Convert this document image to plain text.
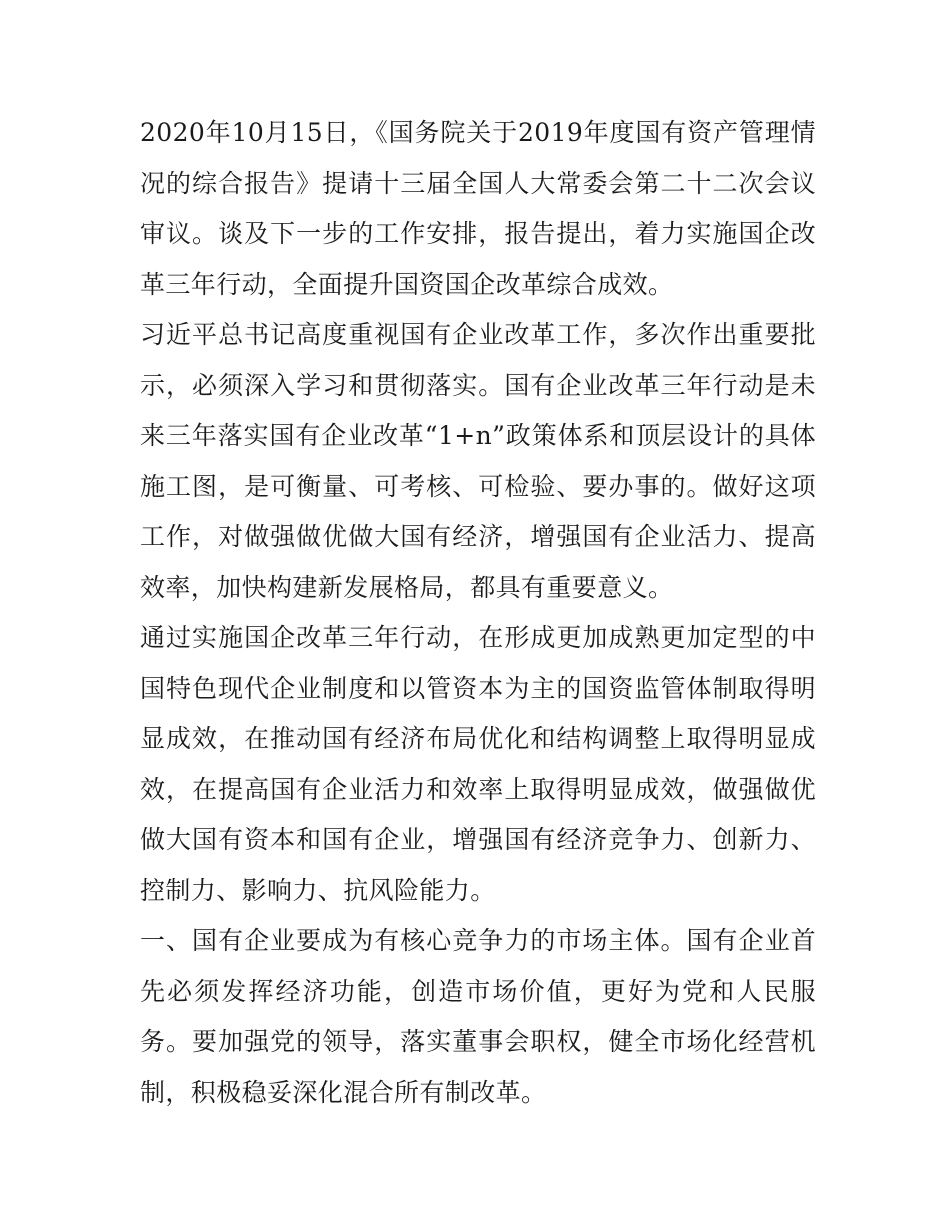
2020年10月15日，《国务院关于2019年度国有资产管理情况的综合报告》提请十三届全国人大常委会第二十二次会议审议。谈及下一步的工作安排，报告提出，着力实施国企改革三年行动，全面提升国资国企改革综合成效。

习近平总书记高度重视国有企业改革工作，多次作出重要批示，必须深入学习和贯彻落实。国有企业改革三年行动是未来三年落实国有企业改革“1+n”政策体系和顶层设计的具体施工图，是可衡量、可考核、可检验、要办事的。做好这项工作，对做强做优做大国有经济，增强国有企业活力、提高效率，加快构建新发展格局，都具有重要意义。

通过实施国企改革三年行动，在形成更加成熟更加定型的中国特色现代企业制度和以管资本为主的国资监管体制取得明显成效，在推动国有经济布局优化和结构调整上取得明显成效，在提高国有企业活力和效率上取得明显成效，做强做优做大国有资本和国有企业，增强国有经济竞争力、创新力、控制力、影响力、抗风险能力。

一、国有企业要成为有核心竞争力的市场主体。国有企业首先必须发挥经济功能，创造市场价值，更好为党和人民服务。要加强党的领导，落实董事会职权，健全市场化经营机制，积极稳妥深化混合所有制改革。
